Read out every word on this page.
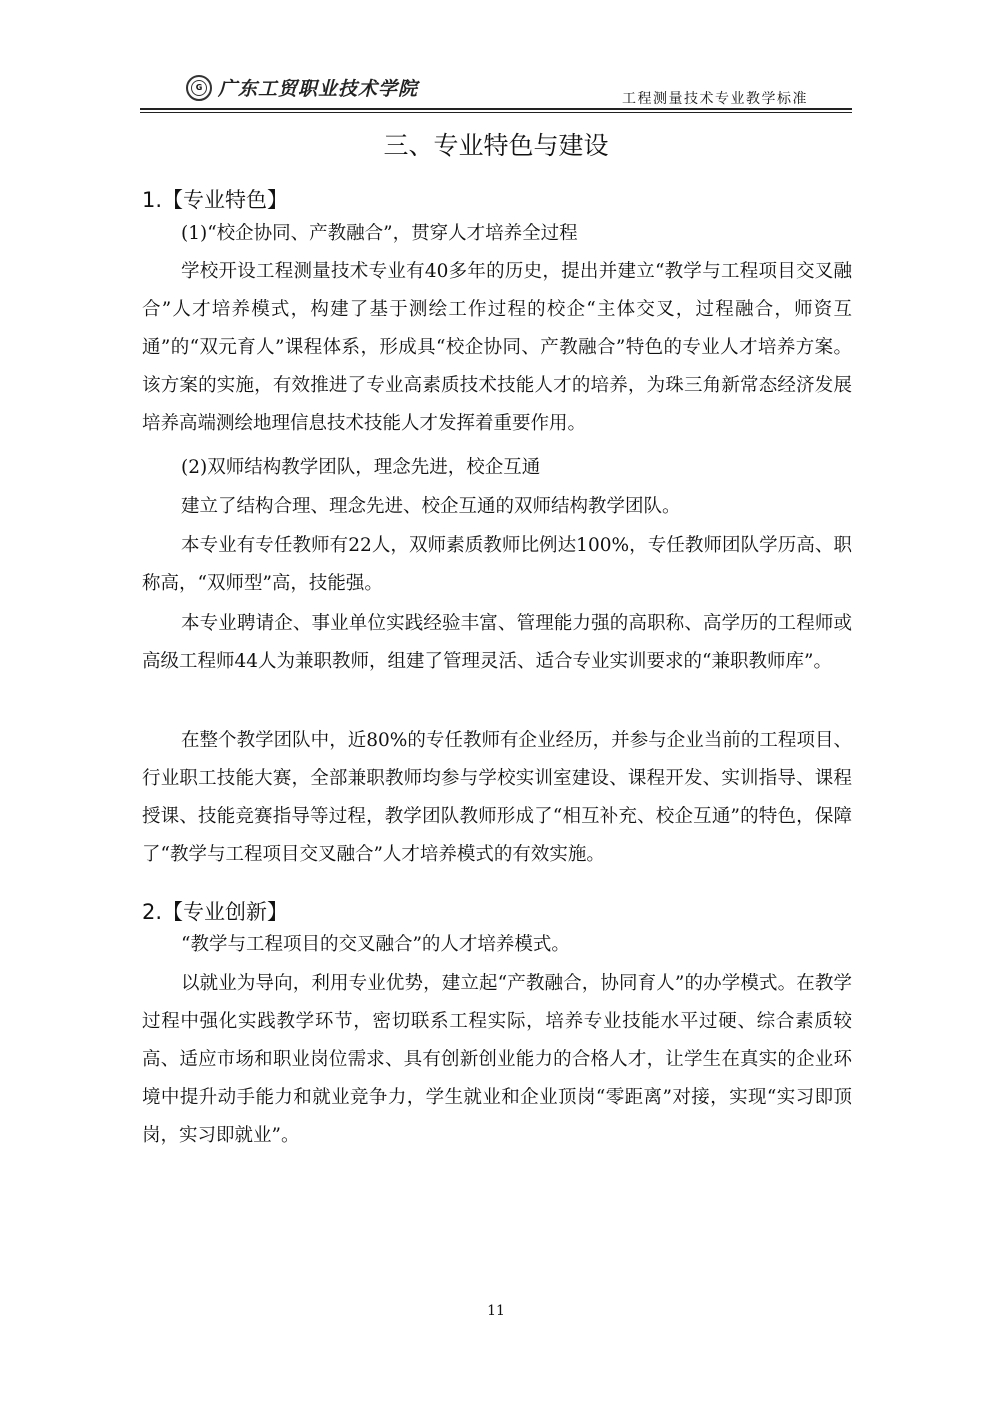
G 广东工贸职业技术学院	工程测量技术专业教学标准
三、专业特色与建设
1.【专业特色】

(1)“校企协同、产教融合”，贯穿人才培养全过程

学校开设工程测量技术专业有40多年的历史，提出并建立“教学与工程项目交叉融合”人才培养模式，构建了基于测绘工作过程的校企“主体交叉，过程融合，师资互通”的“双元育人”课程体系，形成具“校企协同、产教融合”特色的专业人才培养方案。该方案的实施，有效推进了专业高素质技术技能人才的培养，为珠三角新常态经济发展培养高端测绘地理信息技术技能人才发挥着重要作用。

(2)双师结构教学团队，理念先进，校企互通

建立了结构合理、理念先进、校企互通的双师结构教学团队。

本专业有专任教师有22人，双师素质教师比例达100%，专任教师团队学历高、职称高，“双师型”高，技能强。

本专业聘请企、事业单位实践经验丰富、管理能力强的高职称、高学历的工程师或高级工程师44人为兼职教师，组建了管理灵活、适合专业实训要求的“兼职教师库”。

在整个教学团队中，近80%的专任教师有企业经历，并参与企业当前的工程项目、行业职工技能大赛，全部兼职教师均参与学校实训室建设、课程开发、实训指导、课程授课、技能竞赛指导等过程，教学团队教师形成了“相互补充、校企互通”的特色，保障了“教学与工程项目交叉融合”人才培养模式的有效实施。

2.【专业创新】

“教学与工程项目的交叉融合”的人才培养模式。

以就业为导向，利用专业优势，建立起“产教融合，协同育人”的办学模式。在教学过程中强化实践教学环节，密切联系工程实际，培养专业技能水平过硬、综合素质较高、适应市场和职业岗位需求、具有创新创业能力的合格人才，让学生在真实的企业环境中提升动手能力和就业竞争力，学生就业和企业顶岗“零距离”对接，实现“实习即顶岗，实习即就业”。

11
